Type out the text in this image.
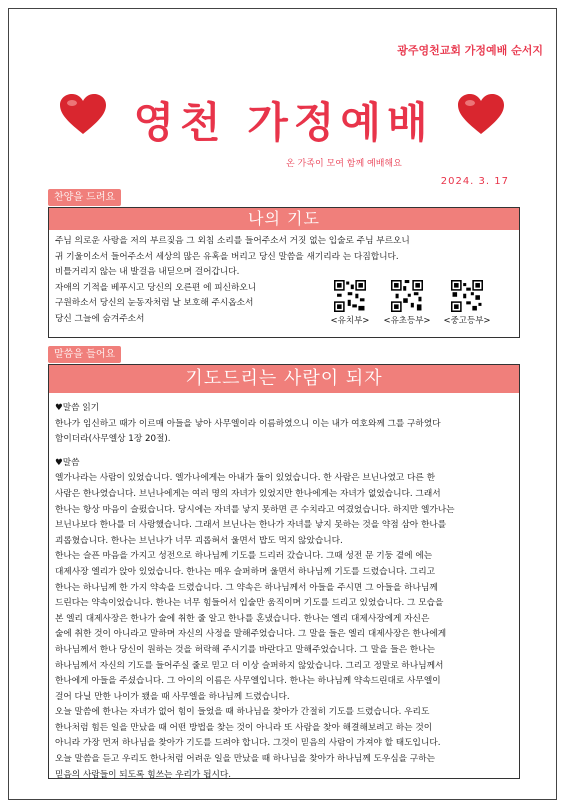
광주영천교회 가정예배 순서지
영천 가정예배
온 가족이 모여 함께 예배해요
2024. 3. 17
찬양을 드려요
나의 기도

주님 의로운 사랑을 저의 부르짖음 그 외침 소리를 들어주소서 거짓 없는 입술로 주님 부르오니

귀 기울이소서 들어주소서 세상의 많은 유혹을 버리고 당신 말씀을 새기리라 는 다짐합니다.

비틀거리지 않는 내 발걸음 내딛으며 걸어갑니다.

자애의 기적을 베푸시고 당신의 오른편 에 피신하오니

구원하소서 당신의 눈동자처럼 날 보호해 주시옵소서

당신 그늘에 숨겨주소서	<유치부>	<유초등부>	<중고등부>
말씀을 들어요
기도드리는 사람이 되자

♥말씀 읽기

한나가 임신하고 때가 이르매 아들을 낳아 사무엘이라 이름하였으니 이는 내가 여호와께 그를 구하였다

함이더라(사무엘상 1장 20절).

♥말씀

엘가나라는 사람이 있었습니다. 엘가나에게는 아내가 둘이 있었습니다. 한 사람은 브닌나였고 다른 한

사람은 한나였습니다. 브닌나에게는 여러 명의 자녀가 있었지만 한나에게는 자녀가 없었습니다. 그래서

한나는 항상 마음이 슬펐습니다. 당시에는 자녀를 낳지 못하면 큰 수치라고 여겼었습니다. 하지만 엘가나는

브닌나보다 한나를 더 사랑했습니다. 그래서 브닌나는 한나가 자녀를 낳지 못하는 것을 약점 삼아 한나를

괴롭혔습니다. 한나는 브닌나가 너무 괴롭혀서 울면서 밥도 먹지 않았습니다.

한나는 슬픈 마음을 가지고 성전으로 하나님께 기도를 드리러 갔습니다. 그때 성전 문 기둥 곁에 에는

대제사장 엘리가 앉아 있었습니다. 한나는 매우 슬퍼하며 울면서 하나님께 기도를 드렸습니다. 그리고

한나는 하나님께 한 가지 약속을 드렸습니다. 그 약속은 하나님께서 아들을 주시면 그 아들을 하나님께

드린다는 약속이었습니다. 한나는 너무 힘들어서 입술만 움직이며 기도를 드리고 있었습니다. 그 모습을

본 엘리 대제사장은 한나가 술에 취한 줄 알고 한나를 혼냈습니다. 한나는 엘리 대제사장에게 자신은

술에 취한 것이 아니라고 말하며 자신의 사정을 말해주었습니다. 그 말을 들은 엘리 대제사장은 한나에게

하나님께서 한나 당신이 원하는 것을 허락해 주시기를 바란다고 말해주었습니다. 그 말을 들은 한나는

하나님께서 자신의 기도를 들어주실 줄로 믿고 더 이상 슬퍼하지 않았습니다. 그리고 정말로 하나님께서

한나에게 아들을 주셨습니다. 그 아이의 이름은 사무엘입니다. 한나는 하나님께 약속드린대로 사무엘이

걸어 다닐 만한 나이가 됐을 때 사무엘을 하나님께 드렸습니다.

오늘 말씀에 한나는 자녀가 없어 힘이 들었을 때 하나님을 찾아가 간절히 기도를 드렸습니다. 우리도

한나처럼 힘든 일을 만났을 때 어떤 방법을 찾는 것이 아니라 또 사람을 찾아 해결해보려고 하는 것이

아니라 가장 먼저 하나님을 찾아가 기도를 드려야 합니다. 그것이 믿음의 사람이 가져야 할 태도입니다.

오늘 말씀을 듣고 우리도 한나처럼 어려운 일을 만났을 때 하나님을 찾아가 하나님께 도우심을 구하는

믿음의 사람들이 되도록 힘쓰는 우리가 됩시다.
